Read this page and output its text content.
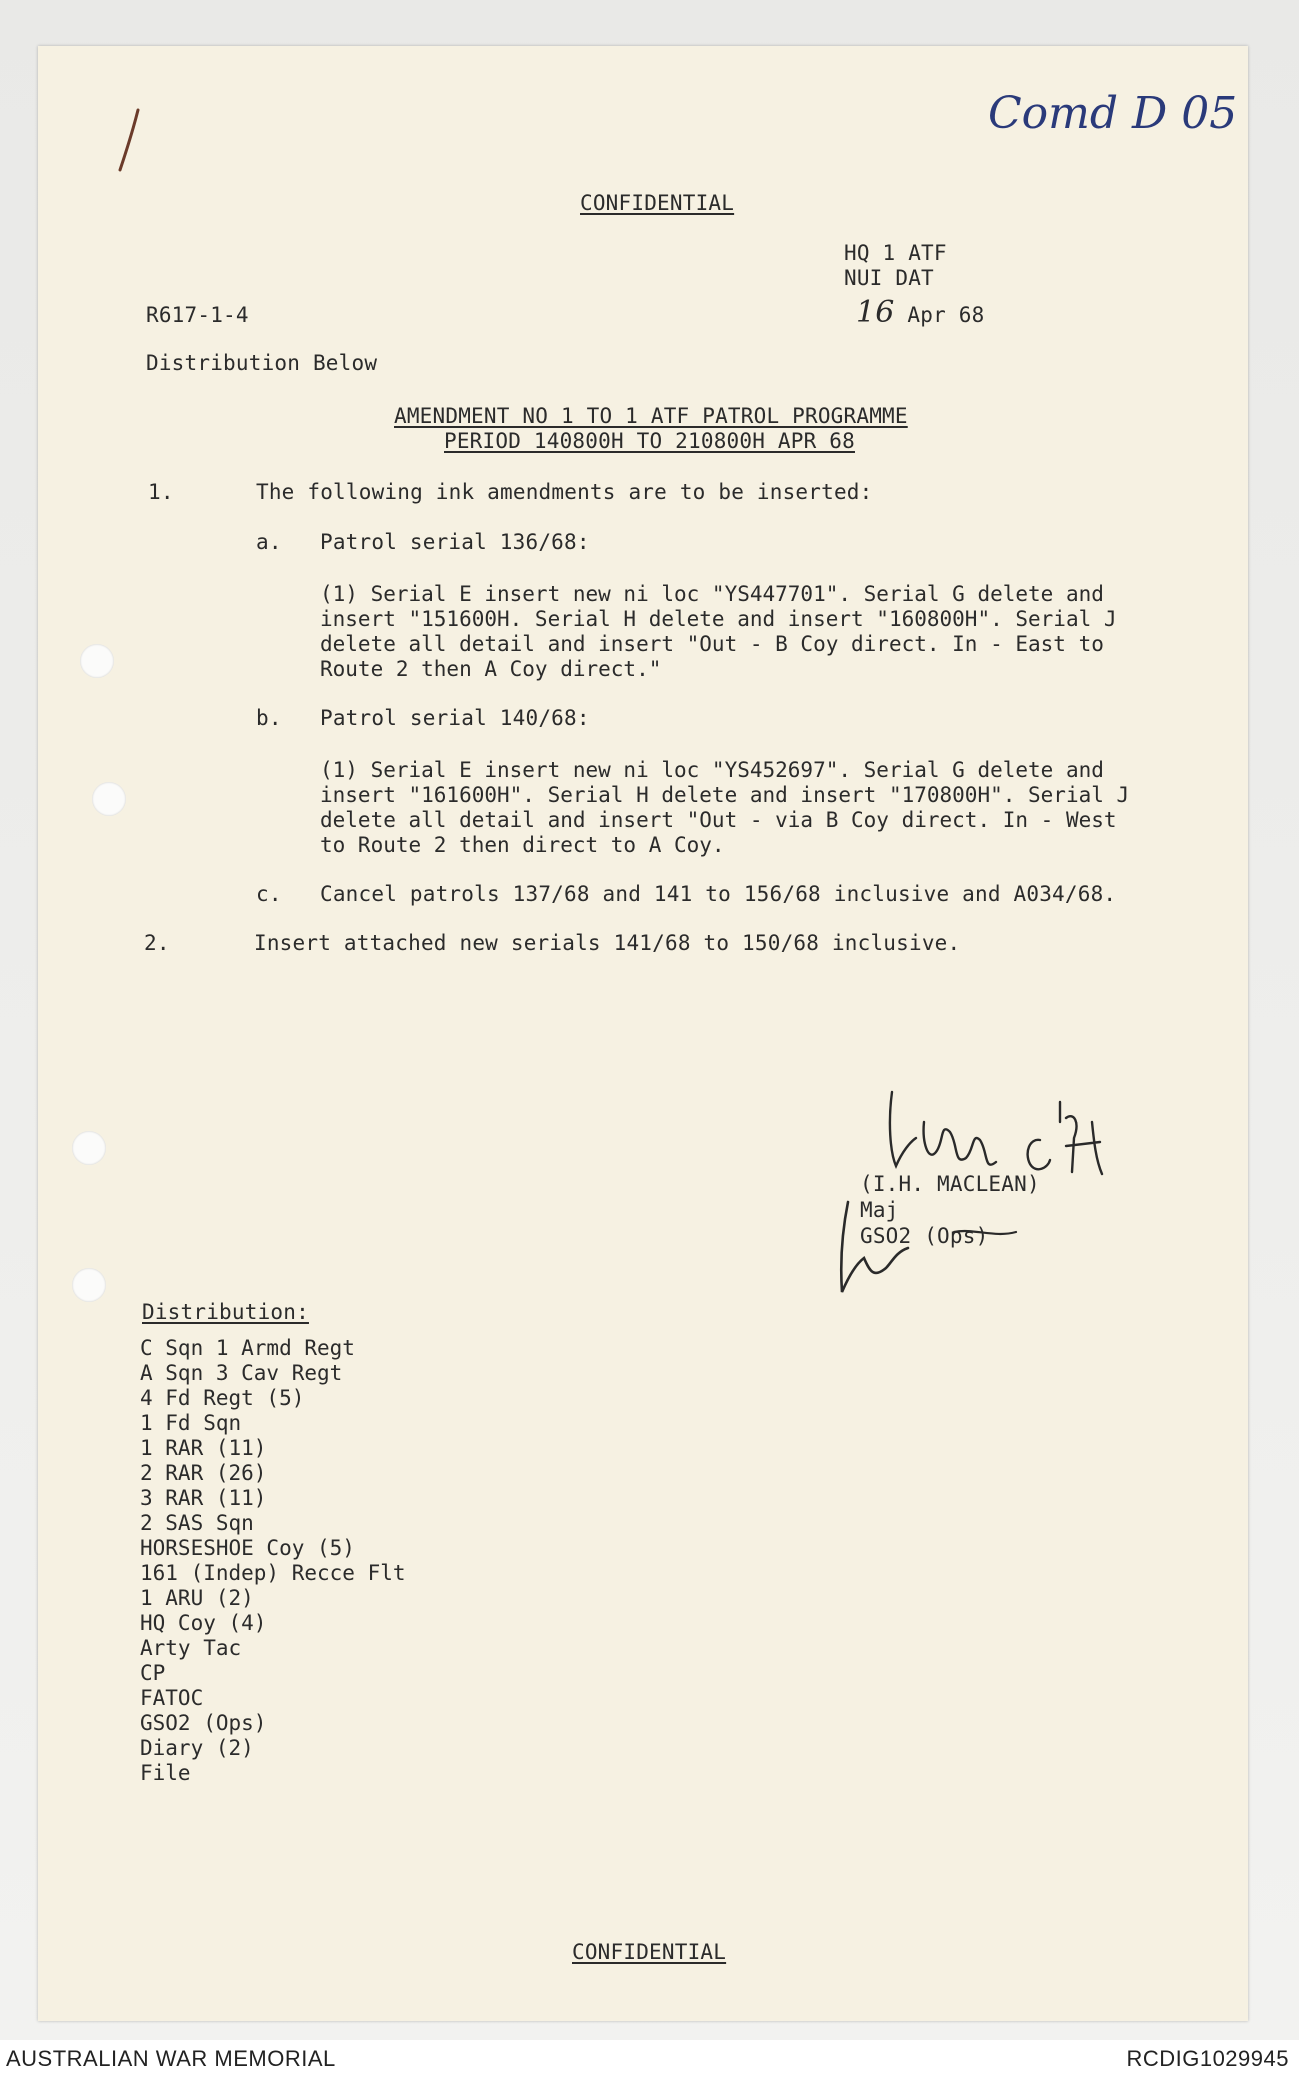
Comd D 05
CONFIDENTIAL
HQ 1 ATF
NUI DAT
R617-1-4	16 Apr 68
Distribution Below
AMENDMENT NO 1 TO 1 ATF PATROL PROGRAMME
PERIOD 140800H TO 210800H APR 68
1.	The following ink amendments are to be inserted:
a. Patrol serial 136/68:
(1) Serial E insert new ni loc "YS447701". Serial G delete and
insert "151600H. Serial H delete and insert "160800H". Serial J
delete all detail and insert "Out - B Coy direct. In - East to
Route 2 then A Coy direct."
b. Patrol serial 140/68:
(1) Serial E insert new ni loc "YS452697". Serial G delete and
insert "161600H". Serial H delete and insert "170800H". Serial J
delete all detail and insert "Out - via B Coy direct. In - West
to Route 2 then direct to A Coy.
c. Cancel patrols 137/68 and 141 to 156/68 inclusive and A034/68.
2.	Insert attached new serials 141/68 to 150/68 inclusive.
(I.H. MACLEAN)
Maj
GSO2 (Ops)
Distribution:
C Sqn 1 Armd Regt
A Sqn 3 Cav Regt
4 Fd Regt (5)
1 Fd Sqn
1 RAR (11)
2 RAR (26)
3 RAR (11)
2 SAS Sqn
HORSESHOE Coy (5)
161 (Indep) Recce Flt
1 ARU (2)
HQ Coy (4)
Arty Tac
CP
FATOC
GSO2 (Ops)
Diary (2)
File
CONFIDENTIAL
AUSTRALIAN WAR MEMORIAL	RCDIG1029945
